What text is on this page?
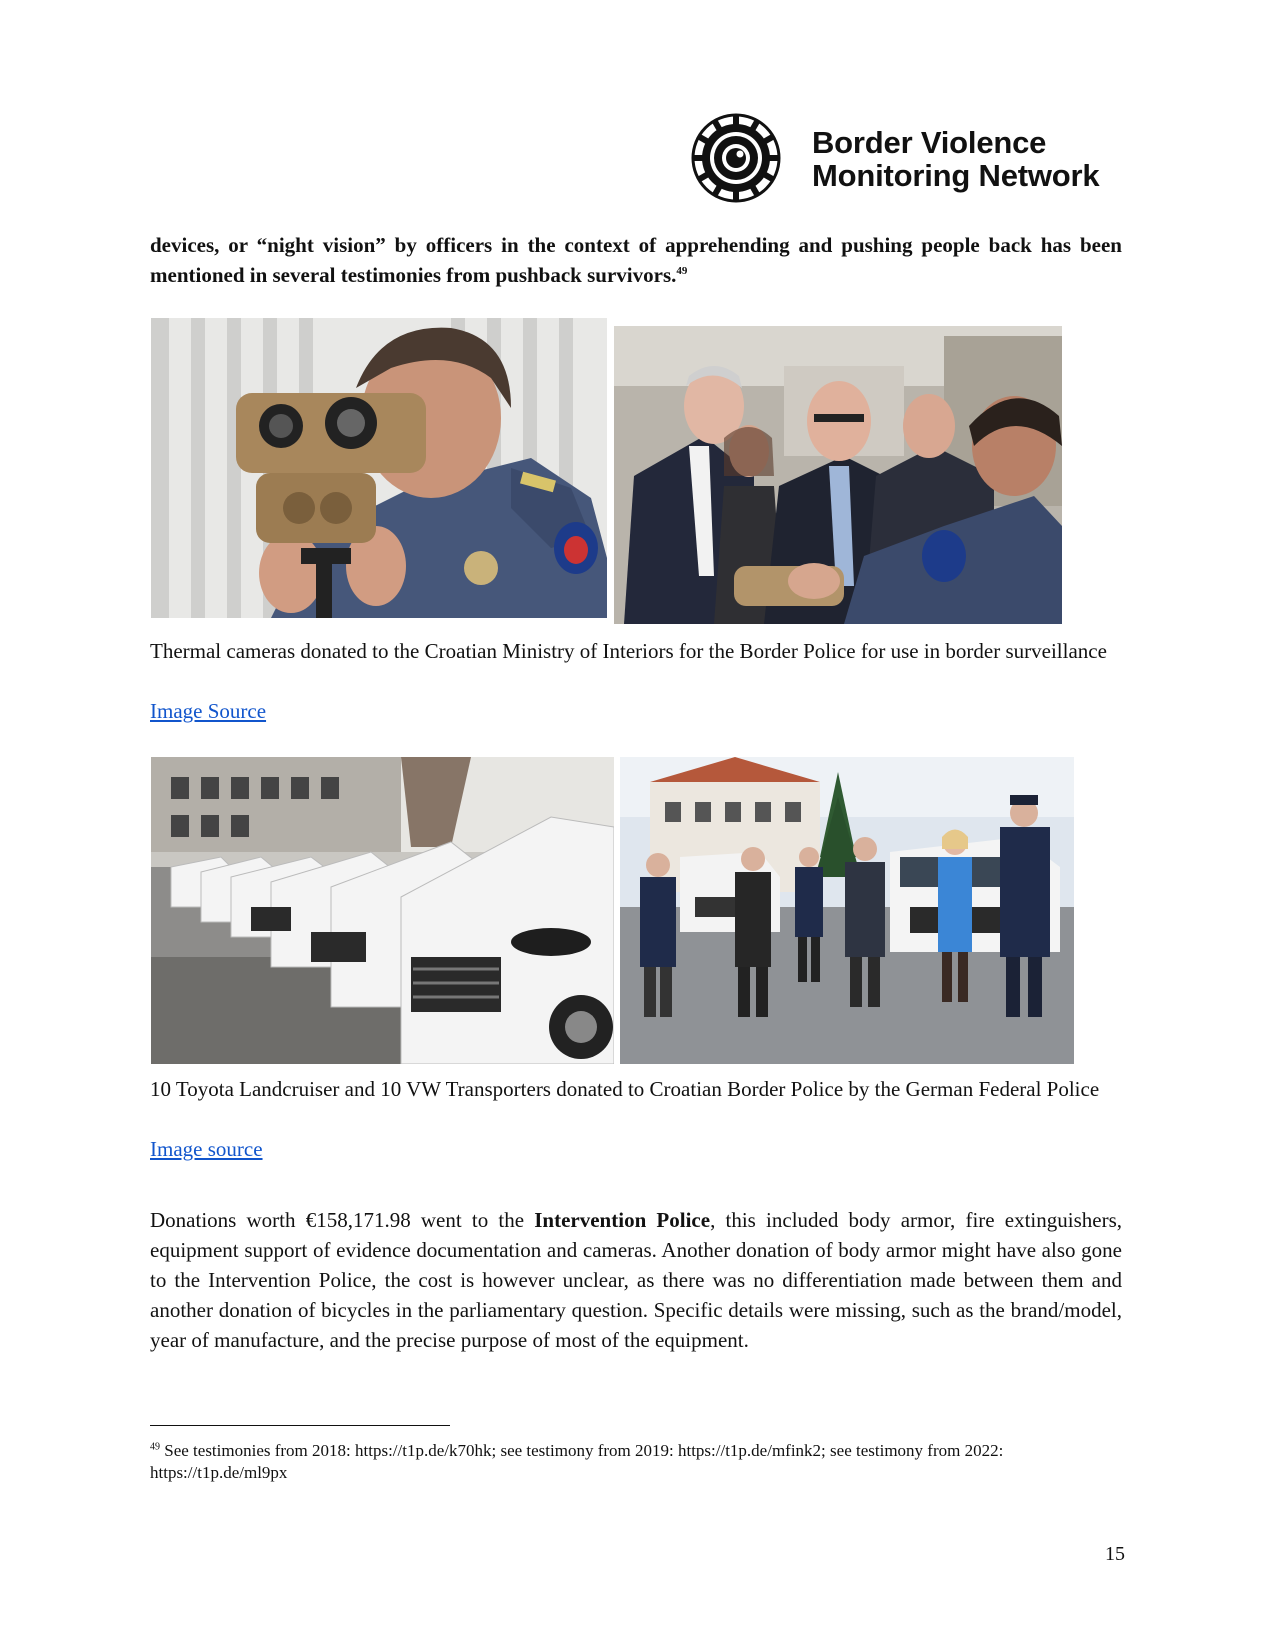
Border Violence
Monitoring Network
devices, or “night vision” by officers in the context of apprehending and pushing people back has been mentioned in several testimonies from pushback survivors.$^{49}$
Thermal cameras donated to the Croatian Ministry of Interiors for the Border Police for use in border surveillance
Image Source
10 Toyota Landcruiser and 10 VW Transporters donated to Croatian Border Police by the German Federal Police
Image source
Donations worth €158,171.98 went to the Intervention Police, this included body armor, fire extinguishers, equipment support of evidence documentation and cameras. Another donation of body armor might have also gone to the Intervention Police, the cost is however unclear, as there was no differentiation made between them and another donation of bicycles in the parliamentary question. Specific details were missing, such as the brand/model, year of manufacture, and the precise purpose of most of the equipment.
$^{49}$ See testimonies from 2018: https://t1p.de/k70hk; see testimony from 2019: https://t1p.de/mfink2; see testimony from 2022: https://t1p.de/ml9px
15
